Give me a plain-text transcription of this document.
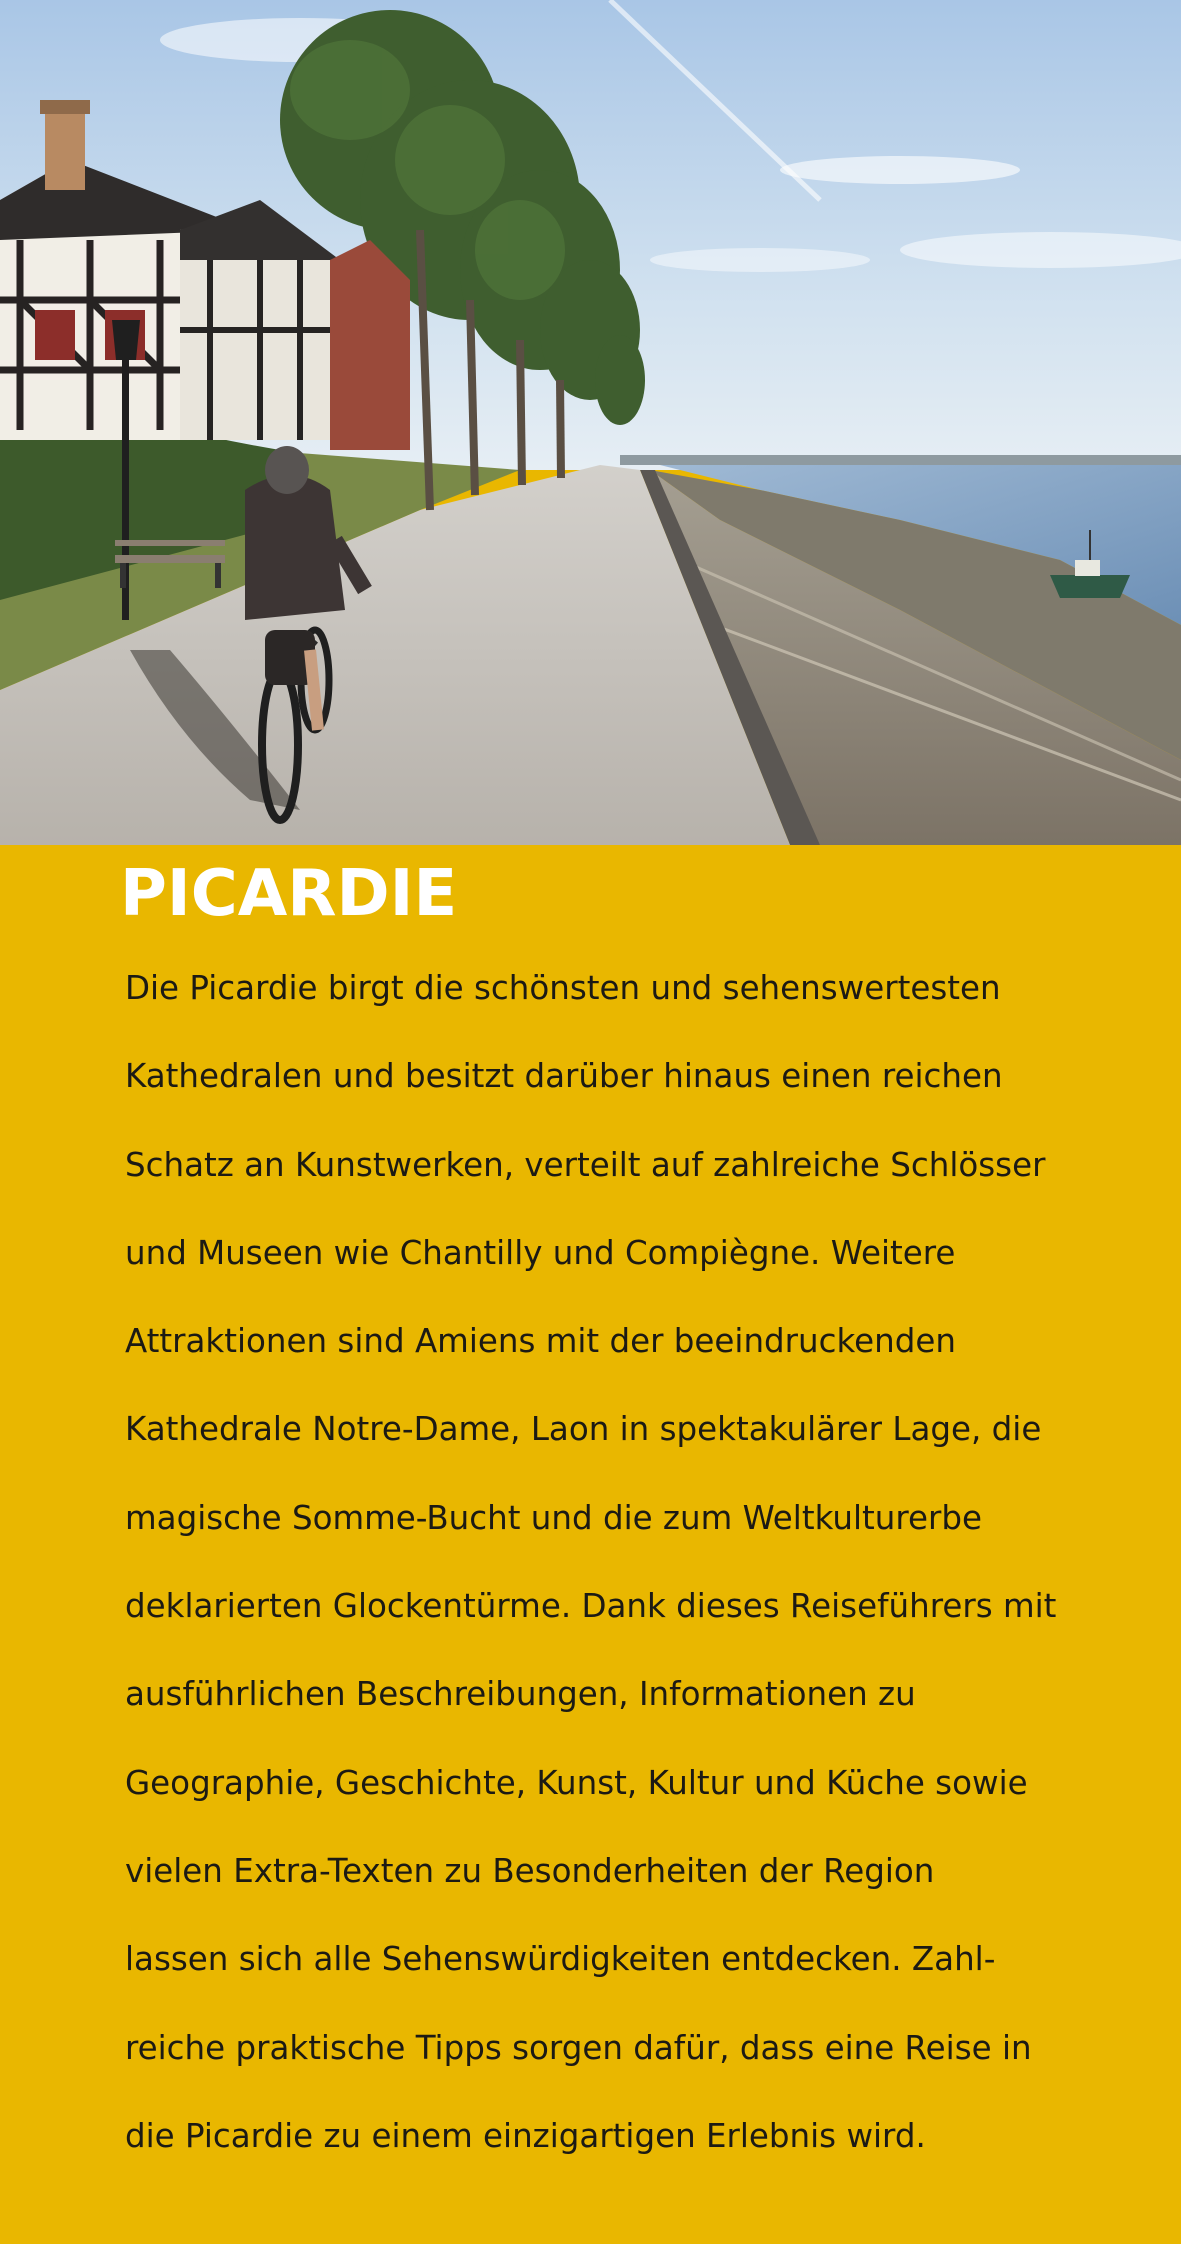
PICARDIE
Die Picardie birgt die schönsten und sehenswertesten
Kathedralen und besitzt darüber hinaus einen reichen
Schatz an Kunstwerken, verteilt auf zahlreiche Schlösser
und Museen wie Chantilly und Compiègne. Weitere
Attraktionen sind Amiens mit der beeindruckenden
Kathedrale Notre-Dame, Laon in spektakulärer Lage, die
magische Somme-Bucht und die zum Weltkulturerbe
deklarierten Glockentürme. Dank dieses Reiseführers mit
ausführlichen Beschreibungen, Informationen zu
Geographie, Geschichte, Kunst, Kultur und Küche sowie
vielen Extra-Texten zu Besonderheiten der Region
lassen sich alle Sehenswürdigkeiten entdecken. Zahl-
reiche praktische Tipps sorgen dafür, dass eine Reise in
die Picardie zu einem einzigartigen Erlebnis wird.
